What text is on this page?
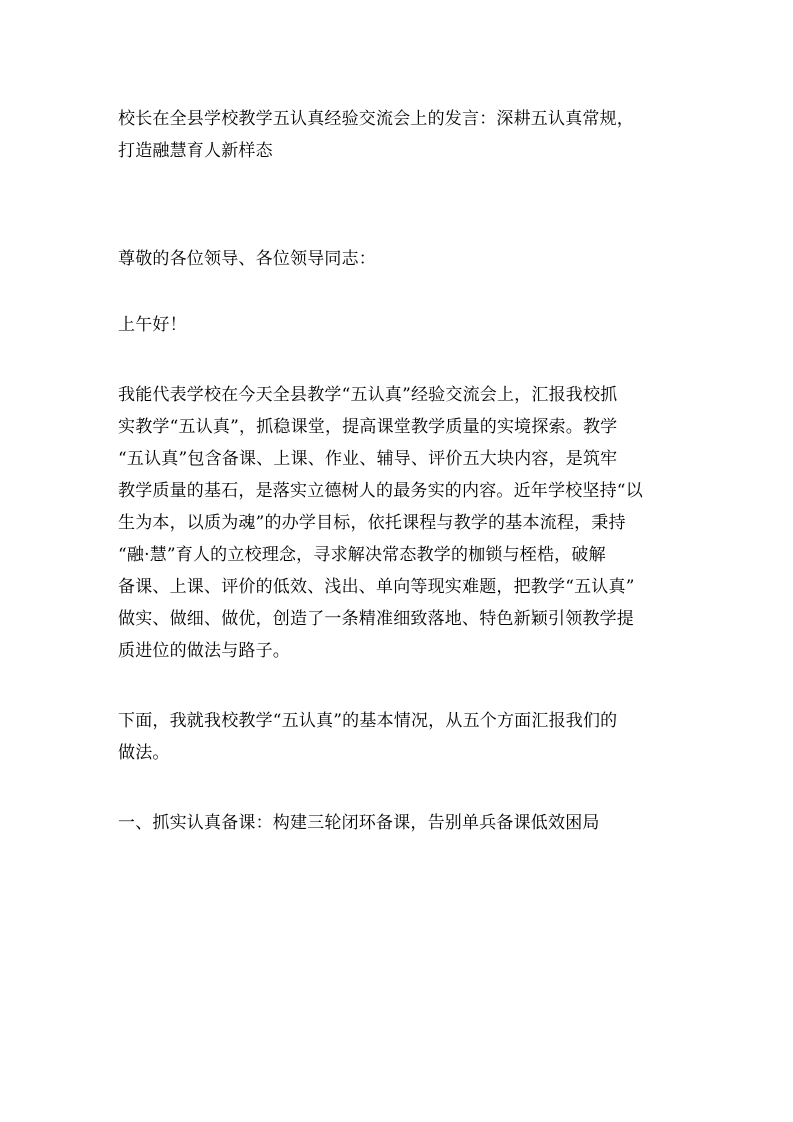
校长在全县学校教学五认真经验交流会上的发言：深耕五认真常规，
打造融慧育人新样态

尊敬的各位领导、各位领导同志：

上午好！

我能代表学校在今天全县教学“五认真”经验交流会上，汇报我校抓
实教学“五认真”，抓稳课堂，提高课堂教学质量的实境探索。教学
“五认真”包含备课、上课、作业、辅导、评价五大块内容，是筑牢
教学质量的基石，是落实立德树人的最务实的内容。近年学校坚持“以
生为本，以质为魂”的办学目标，依托课程与教学的基本流程，秉持
“融·慧”育人的立校理念，寻求解决常态教学的枷锁与桎梏，破解
备课、上课、评价的低效、浅出、单向等现实难题，把教学“五认真”
做实、做细、做优，创造了一条精准细致落地、特色新颖引领教学提
质进位的做法与路子。

下面，我就我校教学“五认真”的基本情况，从五个方面汇报我们的
做法。

一、抓实认真备课：构建三轮闭环备课，告别单兵备课低效困局
